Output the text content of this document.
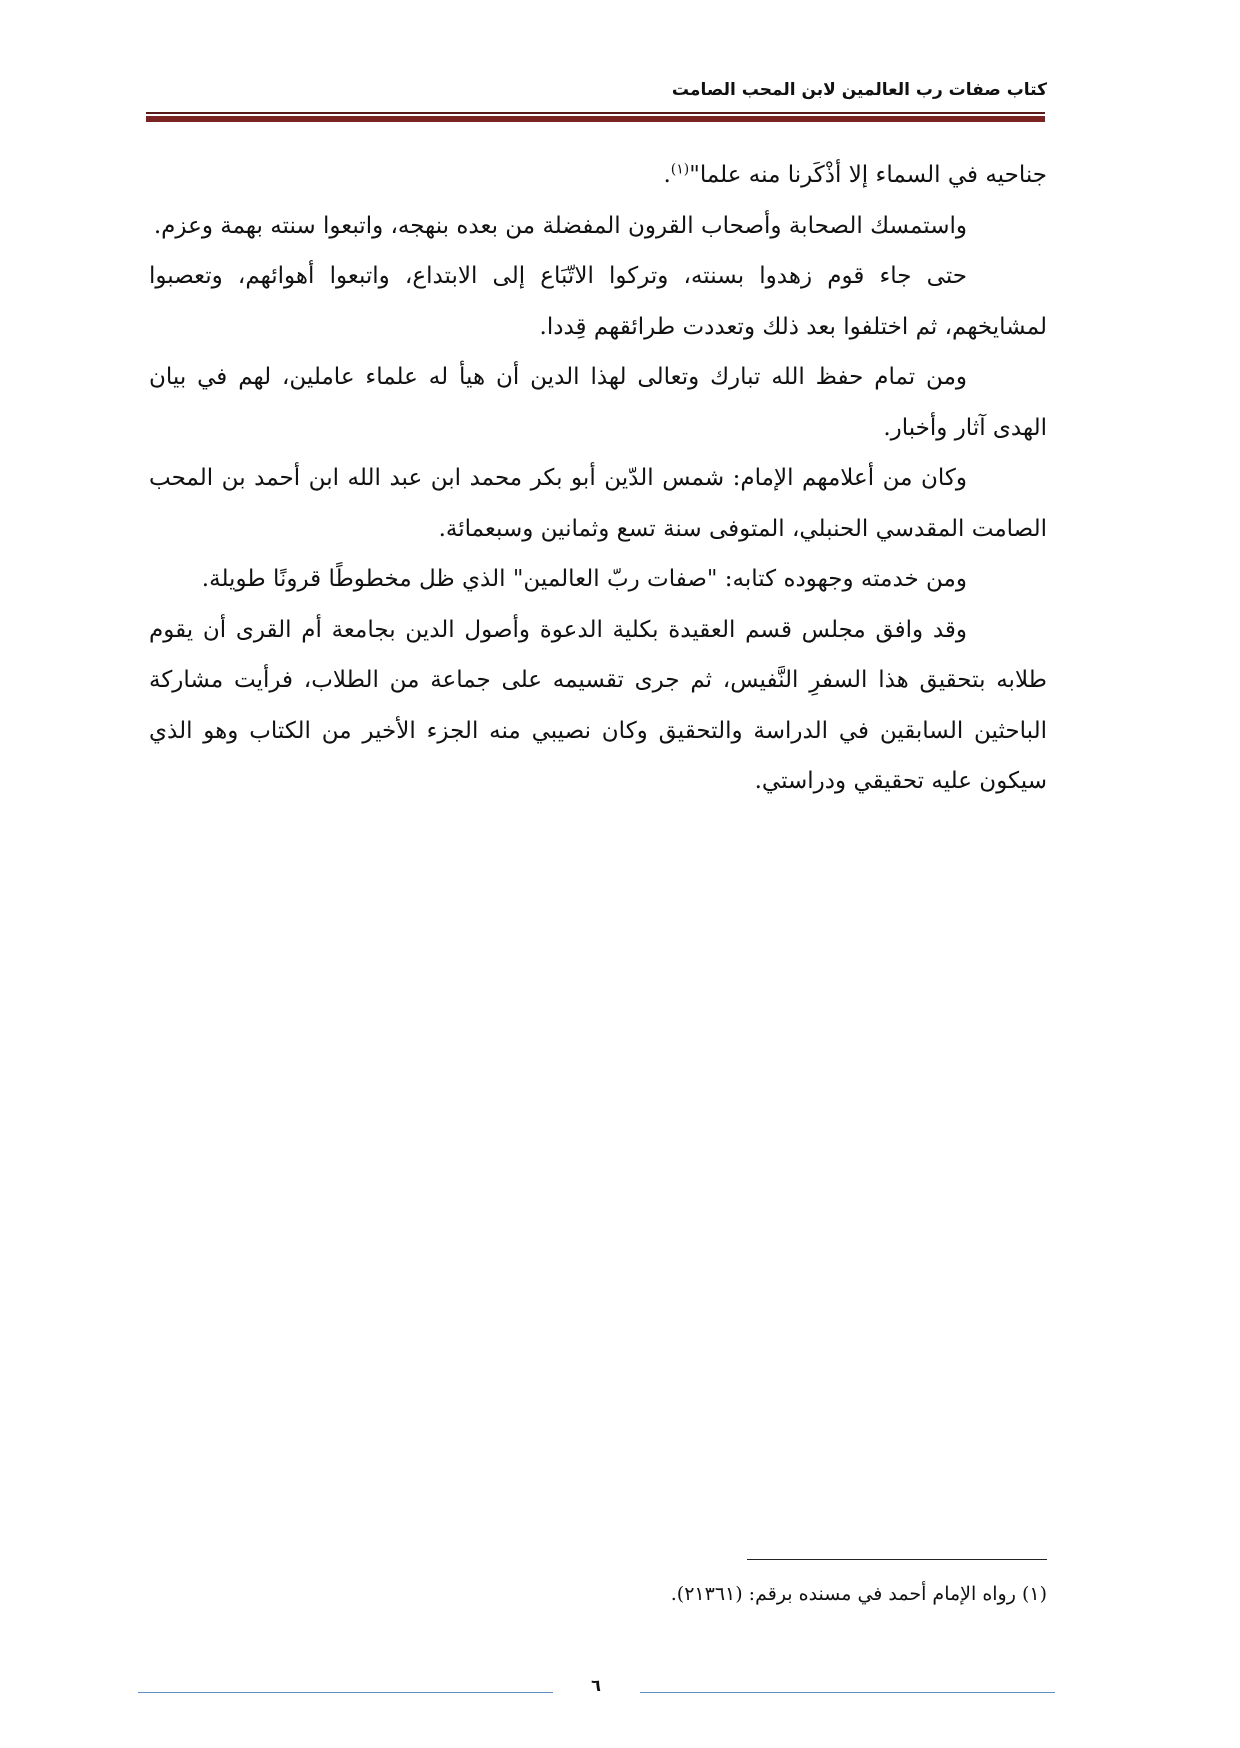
كتاب صفات رب العالمين لابن المحب الصامت

جناحيه في السماء إلا أذْكَرنا منه علما"$^{(١)}$.

واستمسك الصحابة وأصحاب القرون المفضلة من بعده بنهجه، واتبعوا سنته بهمة وعزم.

حتى جاء قوم زهدوا بسنته، وتركوا الاتّبَاع إلى الابتداع، واتبعوا أهوائهم، وتعصبوا لمشايخهم، ثم اختلفوا بعد ذلك وتعددت طرائقهم قِددا.

ومن تمام حفظ الله تبارك وتعالى لهذا الدين أن هيأ له علماء عاملين، لهم في بيان الهدى آثار وأخبار.

وكان من أعلامهم الإمام: شمس الدّين أبو بكر محمد ابن عبد الله ابن أحمد بن المحب الصامت المقدسي الحنبلي، المتوفى سنة تسع وثمانين وسبعمائة.

ومن خدمته وجهوده كتابه: "صفات ربّ العالمين" الذي ظل مخطوطًا قرونًا طويلة.

وقد وافق مجلس قسم العقيدة بكلية الدعوة وأصول الدين بجامعة أم القرى أن يقوم طلابه بتحقيق هذا السفرِ النَّفيس، ثم جرى تقسيمه على جماعة من الطلاب، فرأيت مشاركة الباحثين السابقين في الدراسة والتحقيق وكان نصيبي منه الجزء الأخير من الكتاب وهو الذي سيكون عليه تحقيقي ودراستي.

(١) رواه الإمام أحمد في مسنده برقم: (٢١٣٦١).
٦
